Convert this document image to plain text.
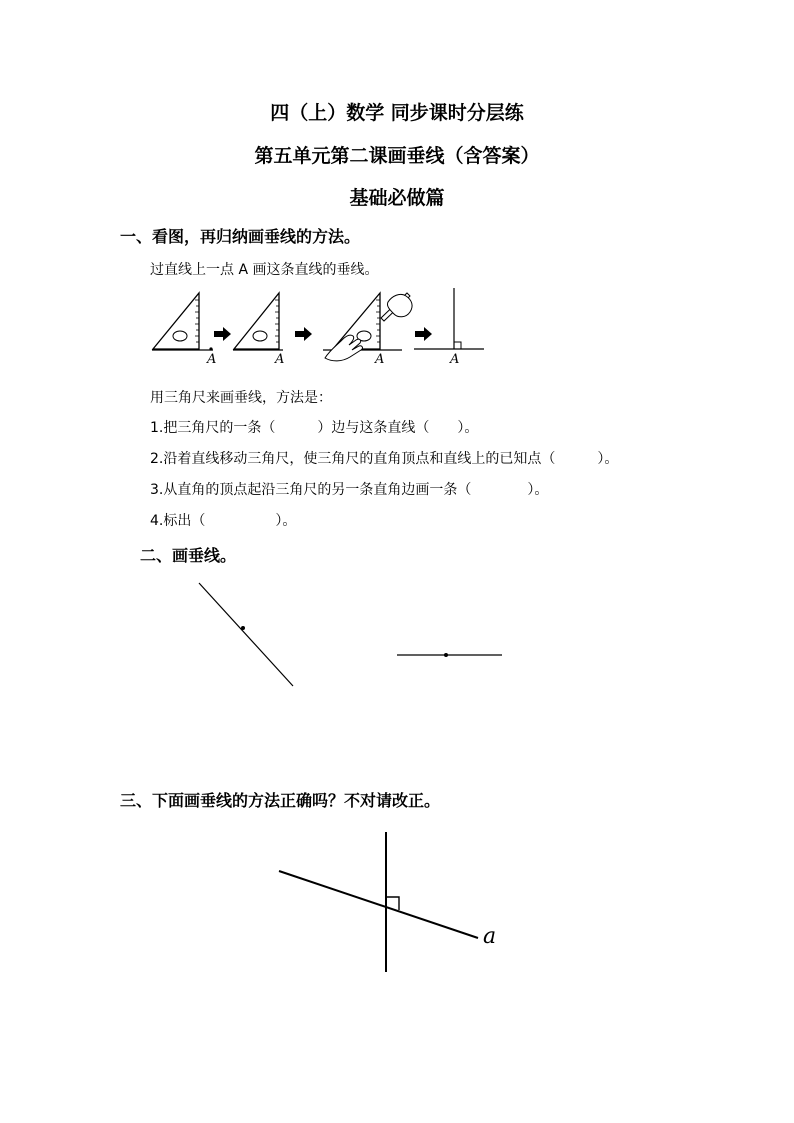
四（上）数学 同步课时分层练
第五单元第二课画垂线（含答案）
基础必做篇
一、看图，再归纳画垂线的方法。
过直线上一点 A 画这条直线的垂线。
A	A	A	A
用三角尺来画垂线，方法是：
1.把三角尺的一条（　　　）边与这条直线（　　）。
2.沿着直线移动三角尺，使三角尺的直角顶点和直线上的已知点（　　　）。
3.从直角的顶点起沿三角尺的另一条直角边画一条（　　　　）。
4.标出（　　　　　）。
二、画垂线。
三、下面画垂线的方法正确吗？不对请改正。
a
